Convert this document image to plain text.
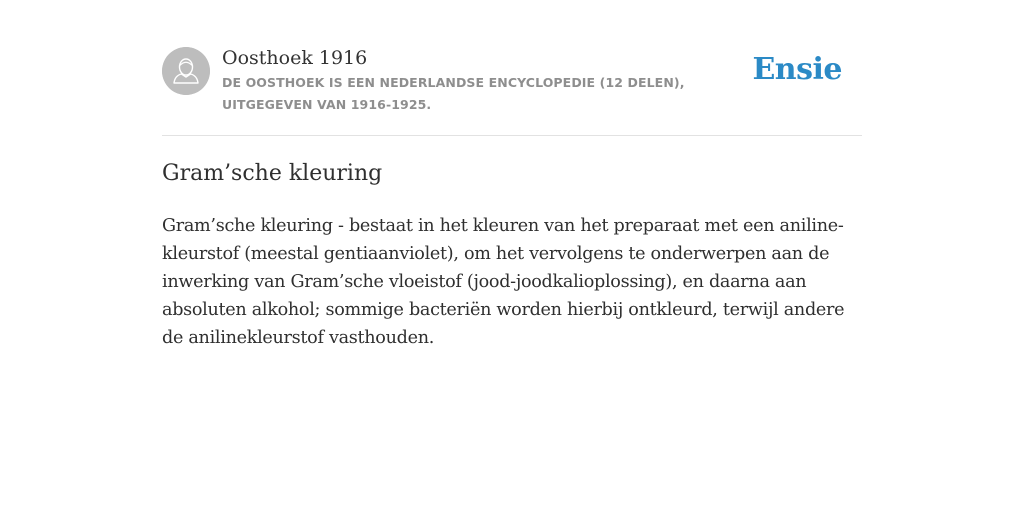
Oosthoek 1916
DE OOSTHOEK IS EEN NEDERLANDSE ENCYCLOPEDIE (12 DELEN), UITGEGEVEN VAN 1916-1925.
Ensie
Gram’sche kleuring

Gram’sche kleuring - bestaat in het kleuren van het preparaat met een aniline-kleurstof (meestal gentiaanviolet), om het vervolgens te onderwerpen aan de inwerking van Gram’sche vloeistof (jood-joodkalioplossing), en daarna aan absoluten alkohol; sommige bacteriën worden hierbij ontkleurd, terwijl andere de anilinekleurstof vasthouden.
